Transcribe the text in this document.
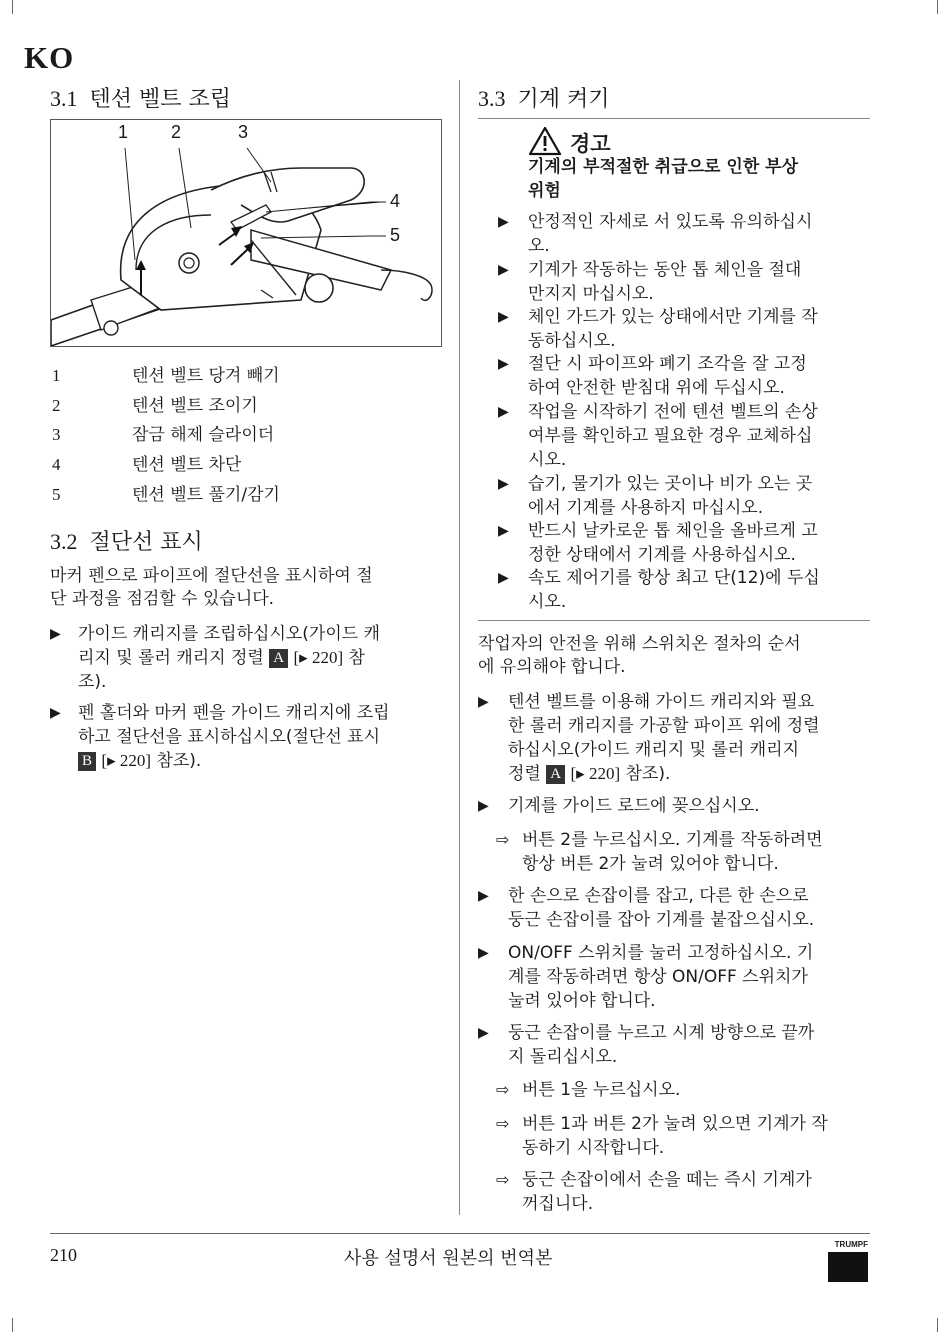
KO
3.1 텐션 벨트 조립
1 2	3
4
5
1	텐션 벨트 당겨 빼기
2	텐션 벨트 조이기
3	잠금 해제 슬라이더
4	텐션 벨트 차단
5	텐션 벨트 풀기/감기
3.2 절단선 표시
마커 펜으로 파이프에 절단선을 표시하여 절
단 과정을 점검할 수 있습니다.
▶ 가이드 캐리지를 조립하십시오(가이드 캐
리지 및 롤러 캐리지 정렬 A [▸ 220] 참
조).
▶ 펜 홀더와 마커 펜을 가이드 캐리지에 조립
하고 절단선을 표시하십시오(절단선 표시
B [▸ 220] 참조).
3.3 기계 켜기
경고
기계의 부적절한 취급으로 인한 부상
위험
▶ 안정적인 자세로 서 있도록 유의하십시
오.
▶ 기계가 작동하는 동안 톱 체인을 절대
만지지 마십시오.
▶ 체인 가드가 있는 상태에서만 기계를 작
동하십시오.
▶ 절단 시 파이프와 폐기 조각을 잘 고정
하여 안전한 받침대 위에 두십시오.
▶ 작업을 시작하기 전에 텐션 벨트의 손상
여부를 확인하고 필요한 경우 교체하십
시오.
▶ 습기, 물기가 있는 곳이나 비가 오는 곳
에서 기계를 사용하지 마십시오.
▶ 반드시 날카로운 톱 체인을 올바르게 고
정한 상태에서 기계를 사용하십시오.
▶ 속도 제어기를 항상 최고 단(12)에 두십
시오.
작업자의 안전을 위해 스위치온 절차의 순서
에 유의해야 합니다.
▶ 텐션 벨트를 이용해 가이드 캐리지와 필요
한 롤러 캐리지를 가공할 파이프 위에 정렬
하십시오(가이드 캐리지 및 롤러 캐리지
정렬 A [▸ 220] 참조).
▶ 기계를 가이드 로드에 꽂으십시오.
⇨ 버튼 2를 누르십시오. 기계를 작동하려면
항상 버튼 2가 눌려 있어야 합니다.
▶ 한 손으로 손잡이를 잡고, 다른 한 손으로
둥근 손잡이를 잡아 기계를 붙잡으십시오.
▶ ON/OFF 스위치를 눌러 고정하십시오. 기
계를 작동하려면 항상 ON/OFF 스위치가
눌려 있어야 합니다.
▶ 둥근 손잡이를 누르고 시계 방향으로 끝까
지 돌리십시오.
⇨ 버튼 1을 누르십시오.
⇨ 버튼 1과 버튼 2가 눌려 있으면 기계가 작
동하기 시작합니다.
⇨ 둥근 손잡이에서 손을 떼는 즉시 기계가
꺼집니다.
210	사용 설명서 원본의 번역본
TRUMPF
